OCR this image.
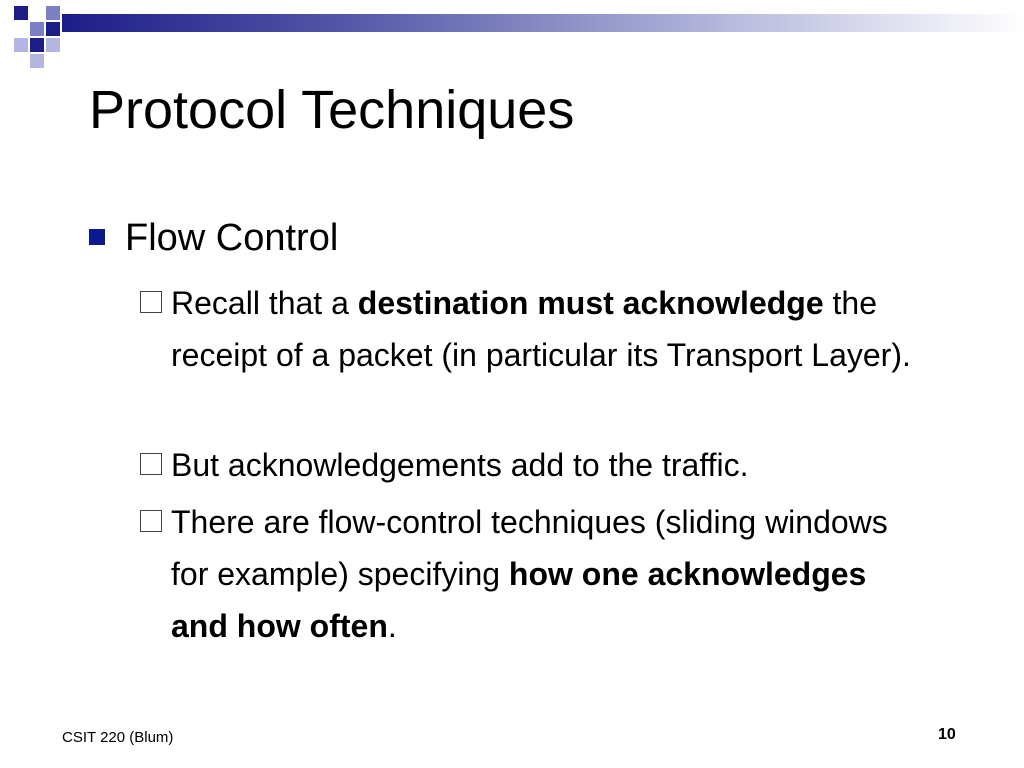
Protocol Techniques
Flow Control
Recall that a destination must acknowledge the receipt of a packet (in particular its Transport Layer).
But acknowledgements add to the traffic.
There are flow-control techniques (sliding windows for example) specifying how one acknowledges and how often.
CSIT 220 (Blum)	10
